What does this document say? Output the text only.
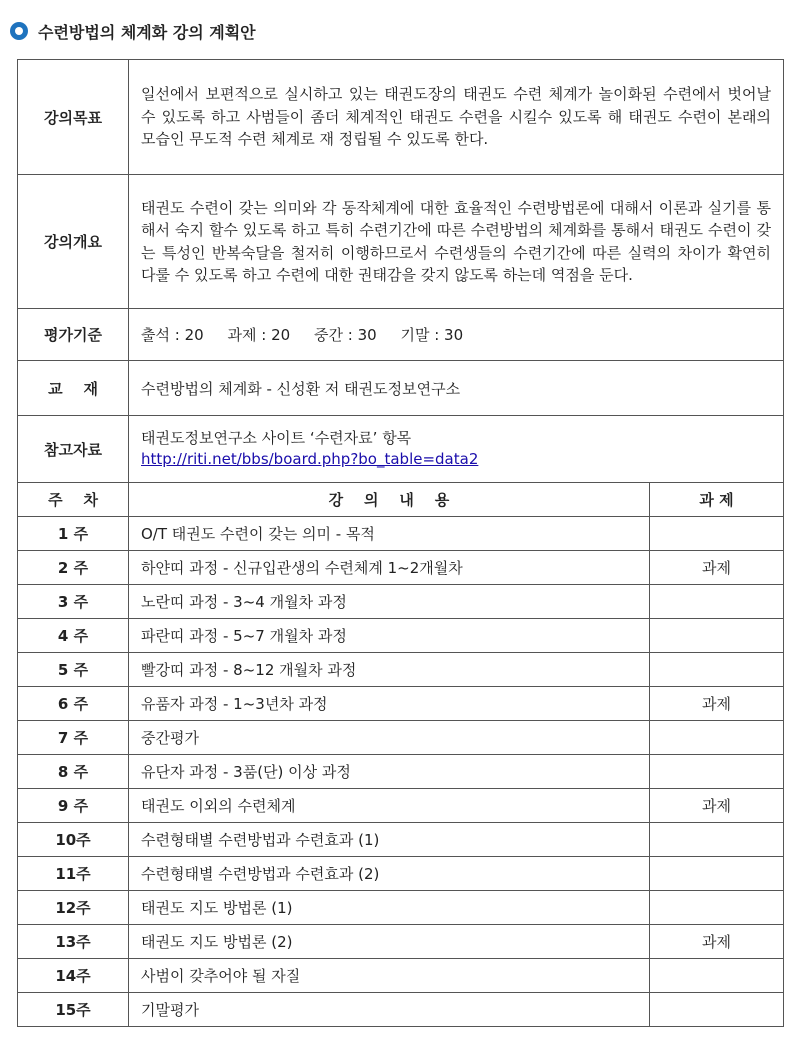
수련방법의 체계화 강의 계획안
강의목표	일선에서 보편적으로 실시하고 있는 태권도장의 태권도 수련 체계가 놀이화된 수련에서 벗어날 수 있도록 하고 사범들이 좀더 체계적인 태권도 수련을 시킬수 있도록 해 태권도 수련이 본래의 모습인 무도적 수련 체계로 재 정립될 수 있도록 한다.	
강의개요	태권도 수련이 갖는 의미와 각 동작체계에 대한 효율적인 수련방법론에 대해서 이론과 실기를 통해서 숙지 할수 있도록 하고 특히 수련기간에 따른 수련방법의 체계화를 통해서 태권도 수련이 갖는 특성인 반복숙달을 철저히 이행하므로서 수련생들의 수련기간에 따른 실력의 차이가 확연히 다룰 수 있도록 하고 수련에 대한 권태감을 갖지 않도록 하는데 역점을 둔다.	
평가기준	출석 : 20     과제 : 20     중간 : 30     기말 : 30	
교    재	수련방법의 체계화 - 신성환 저 태권도정보연구소	
참고자료	태권도정보연구소 사이트 ‘수련자료’ 항목
http://riti.net/bbs/board.php?bo_table=data2	
주    차	강    의    내    용	과 제
1 주	O/T 태권도 수련이 갖는 의미 - 목적	
2 주	하얀띠 과정 - 신규입관생의 수련체계 1~2개월차	과제
3 주	노란띠 과정 - 3~4 개월차 과정	
4 주	파란띠 과정 - 5~7 개월차 과정	
5 주	빨강띠 과정 - 8~12 개월차 과정	
6 주	유품자 과정 - 1~3년차 과정	과제
7 주	중간평가	
8 주	유단자 과정 - 3품(단) 이상 과정	
9 주	태권도 이외의 수련체계	과제
10주	수련형태별 수련방법과 수련효과 (1)	
11주	수련형태별 수련방법과 수련효과 (2)	
12주	태권도 지도 방법론 (1)	
13주	태권도 지도 방법론 (2)	과제
14주	사범이 갖추어야 될 자질	
15주	기말평가	
